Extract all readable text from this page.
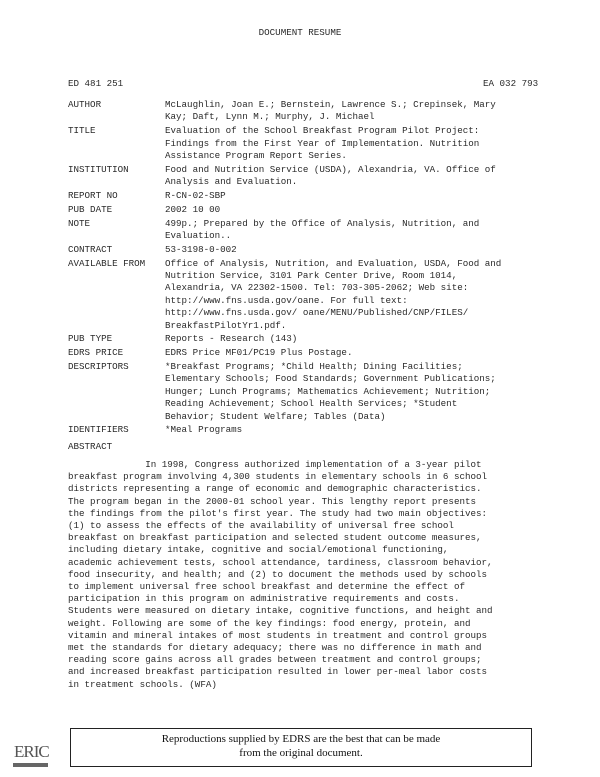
DOCUMENT RESUME
ED 481 251	EA 032 793
AUTHOR	McLaughlin, Joan E.; Bernstein, Lawrence S.; Crepinsek, Mary
Kay; Daft, Lynn M.; Murphy, J. Michael
TITLE	Evaluation of the School Breakfast Program Pilot Project:
Findings from the First Year of Implementation. Nutrition
Assistance Program Report Series.
INSTITUTION	Food and Nutrition Service (USDA), Alexandria, VA. Office of
Analysis and Evaluation.
REPORT NO	R-CN-02-SBP
PUB DATE	2002 10 00
NOTE	499p.; Prepared by the Office of Analysis, Nutrition, and
Evaluation..
CONTRACT	53-3198-0-002
AVAILABLE FROM	Office of Analysis, Nutrition, and Evaluation, USDA, Food and
Nutrition Service, 3101 Park Center Drive, Room 1014,
Alexandria, VA 22302-1500. Tel: 703-305-2062; Web site:
http://www.fns.usda.gov/oane. For full text:
http://www.fns.usda.gov/ oane/MENU/Published/CNP/FILES/
BreakfastPilotYr1.pdf.
PUB TYPE	Reports - Research (143)
EDRS PRICE	EDRS Price MF01/PC19 Plus Postage.
DESCRIPTORS	*Breakfast Programs; *Child Health; Dining Facilities;
Elementary Schools; Food Standards; Government Publications;
Hunger; Lunch Programs; Mathematics Achievement; Nutrition;
Reading Achievement; School Health Services; *Student
Behavior; Student Welfare; Tables (Data)
IDENTIFIERS	*Meal Programs
ABSTRACT
In 1998, Congress authorized implementation of a 3-year pilot
breakfast program involving 4,300 students in elementary schools in 6 school
districts representing a range of economic and demographic characteristics.
The program began in the 2000-01 school year. This lengthy report presents
the findings from the pilot's first year. The study had two main objectives:
(1) to assess the effects of the availability of universal free school
breakfast on breakfast participation and selected student outcome measures,
including dietary intake, cognitive and social/emotional functioning,
academic achievement tests, school attendance, tardiness, classroom behavior,
food insecurity, and health; and (2) to document the methods used by schools
to implement universal free school breakfast and determine the effect of
participation in this program on administrative requirements and costs.
Students were measured on dietary intake, cognitive functions, and height and
weight. Following are some of the key findings: food energy, protein, and
vitamin and mineral intakes of most students in treatment and control groups
met the standards for dietary adequacy; there was no difference in math and
reading score gains across all grades between treatment and control groups;
and increased breakfast participation resulted in lower per-meal labor costs
in treatment schools. (WFA)
ERIC
Reproductions supplied by EDRS are the best that can be made
from the original document.
